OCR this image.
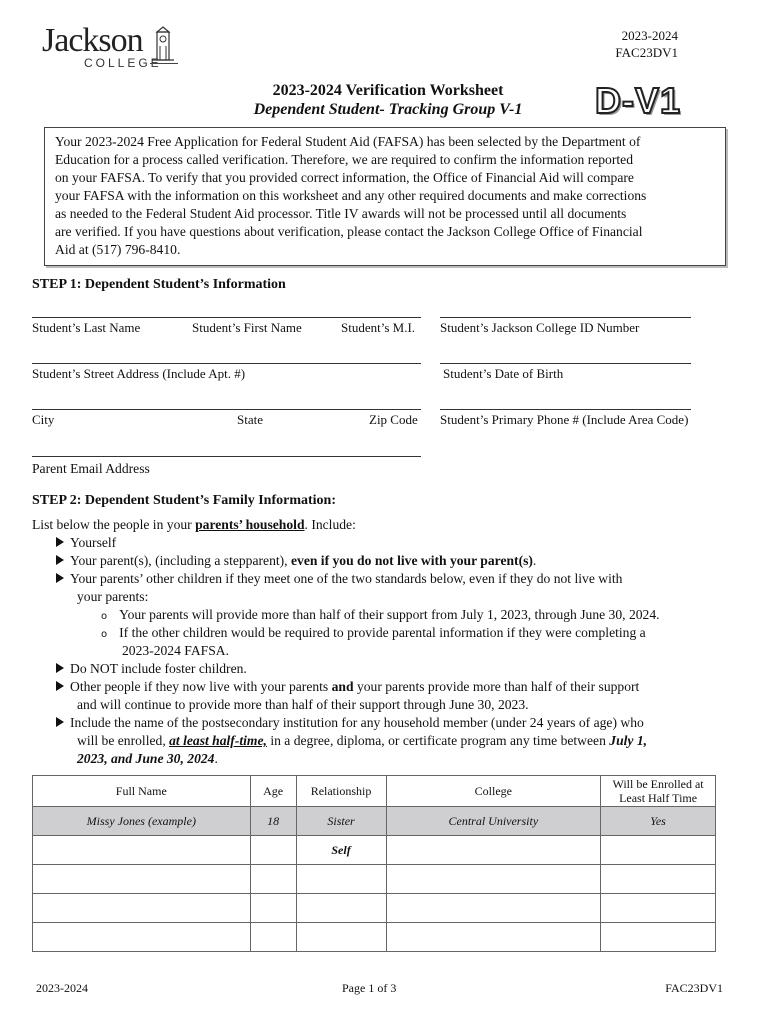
Jackson
COLLEGE
2023-2024
FAC23DV1
2023-2024 Verification Worksheet
Dependent Student- Tracking Group V-1	D-V1
Your 2023-2024 Free Application for Federal Student Aid (FAFSA) has been selected by the Department of
Education for a process called verification. Therefore, we are required to confirm the information reported
on your FAFSA. To verify that you provided correct information, the Office of Financial Aid will compare
your FAFSA with the information on this worksheet and any other required documents and make corrections
as needed to the Federal Student Aid processor. Title IV awards will not be processed until all documents
are verified. If you have questions about verification, please contact the Jackson College Office of Financial
Aid at (517) 796-8410.
STEP 1: Dependent Student’s Information
Student’s Last Name	Student’s First Name	Student’s M.I. Student’s Jackson College ID Number
Student’s Street Address (Include Apt. #)	Student’s Date of Birth
City	State	Zip Code Student’s Primary Phone # (Include Area Code)
Parent Email Address
STEP 2: Dependent Student’s Family Information:
List below the people in your parents’ household. Include:
Yourself
Your parent(s), (including a stepparent), even if you do not live with your parent(s).
Your parents’ other children if they meet one of the two standards below, even if they do not live with
your parents:
o Your parents will provide more than half of their support from July 1, 2023, through June 30, 2024.
o If the other children would be required to provide parental information if they were completing a
2023-2024 FAFSA.
Do NOT include foster children.
Other people if they now live with your parents and your parents provide more than half of their support
and will continue to provide more than half of their support through June 30, 2023.
Include the name of the postsecondary institution for any household member (under 24 years of age) who
will be enrolled, at least half-time, in a degree, diploma, or certificate program any time between July 1,
2023, and June 30, 2024.
Full Name	Age	Relationship	College	Will be Enrolled at Least Half Time
Missy Jones (example)	18	Sister	Central University	Yes
		Self		

2023-2024	Page 1 of 3	FAC23DV1
